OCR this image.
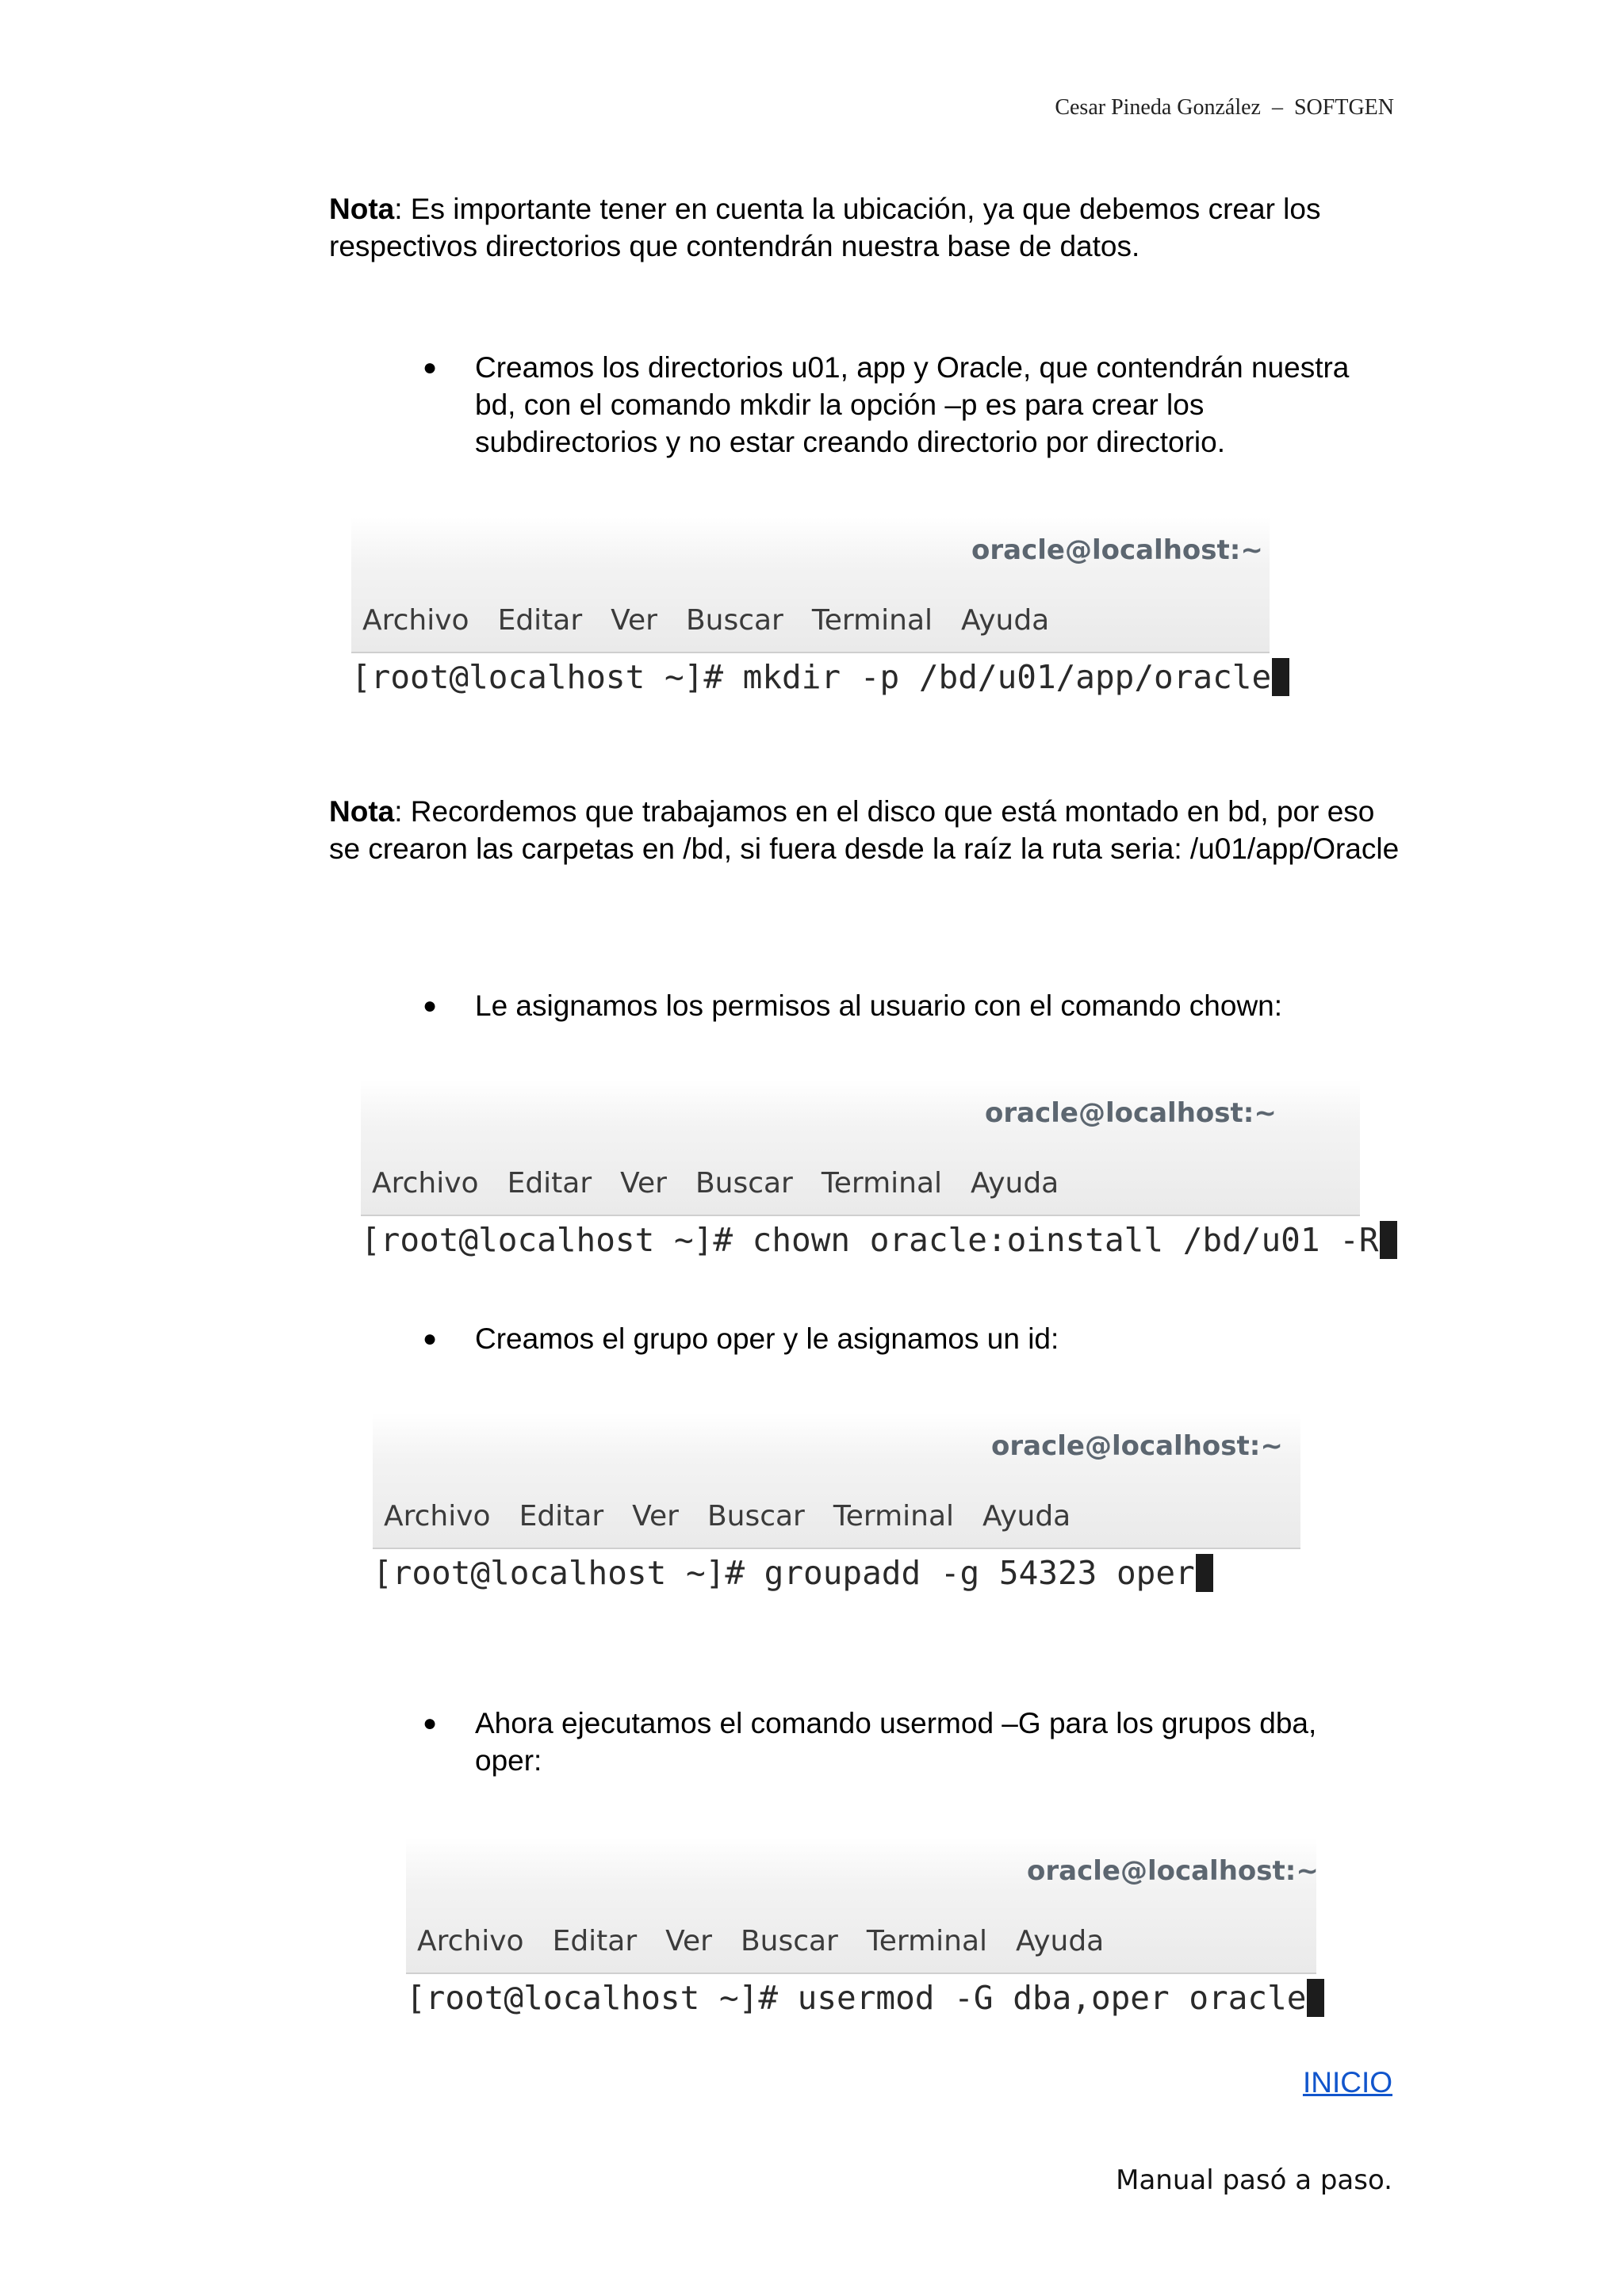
Cesar Pineda González  –  SOFTGEN
Nota: Es importante tener en cuenta la ubicación, ya que debemos crear los respectivos directorios que contendrán nuestra base de datos.
● Creamos los directorios u01, app y Oracle, que contendrán nuestra bd, con el comando mkdir la opción –p es para crear los subdirectorios y no estar creando directorio por directorio.
oracle@localhost:~
Archivo Editar Ver Buscar Terminal Ayuda
[root@localhost ~]# mkdir -p /bd/u01/app/oracle
Nota: Recordemos que trabajamos en el disco que está montado en bd, por eso se crearon las carpetas en /bd, si fuera desde la raíz la ruta seria: /u01/app/Oracle
● Le asignamos los permisos al usuario con el comando chown:
oracle@localhost:~
Archivo Editar Ver Buscar Terminal Ayuda
[root@localhost ~]# chown oracle:oinstall /bd/u01 -R
● Creamos el grupo oper y le asignamos un id:
oracle@localhost:~
Archivo Editar Ver Buscar Terminal Ayuda
[root@localhost ~]# groupadd -g 54323 oper
● Ahora ejecutamos el comando usermod –G para los grupos dba, oper:
oracle@localhost:~
Archivo Editar Ver Buscar Terminal Ayuda
[root@localhost ~]# usermod -G dba,oper oracle
INICIO
Manual pasó a paso.
